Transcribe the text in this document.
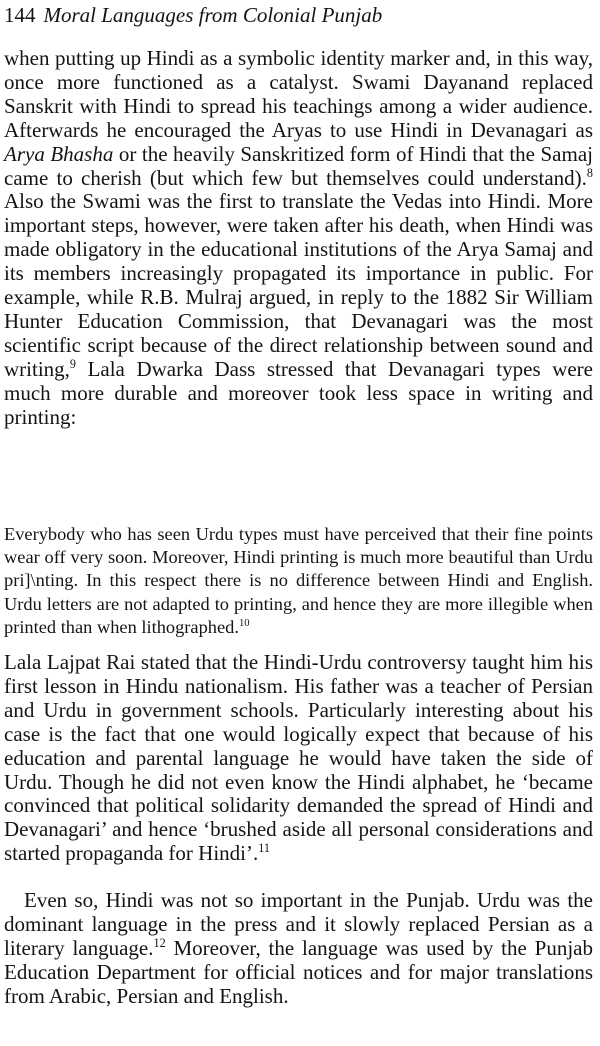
144 Moral Languages from Colonial Punjab

when putting up Hindi as a symbolic identity marker and, in this way, once more functioned as a catalyst. Swami Dayanand replaced Sanskrit with Hindi to spread his teachings among a wider audience. Afterwards he encouraged the Aryas to use Hindi in Devanagari as Arya Bhasha or the heavily Sanskritized form of Hindi that the Samaj came to cherish (but which few but themselves could understand).$^8$ Also the Swami was the first to translate the Vedas into Hindi. More important steps, however, were taken after his death, when Hindi was made obligatory in the educational institutions of the Arya Samaj and its members increasingly propagated its importance in public. For example, while R.B. Mulraj argued, in reply to the 1882 Sir William Hunter Education Commission, that Devanagari was the most scientific script because of the direct relationship between sound and writing,$^9$ Lala Dwarka Dass stressed that Devanagari types were much more durable and moreover took less space in writing and printing:

Everybody who has seen Urdu types must have perceived that their fine points wear off very soon. Moreover, Hindi printing is much more beautiful than Urdu pri]\nting. In this respect there is no difference between Hindi and English. Urdu letters are not adapted to printing, and hence they are more illegible when printed than when lithographed.$^{10}$

Lala Lajpat Rai stated that the Hindi-Urdu controversy taught him his first lesson in Hindu nationalism. His father was a teacher of Persian and Urdu in government schools. Particularly interesting about his case is the fact that one would logically expect that because of his education and parental language he would have taken the side of Urdu. Though he did not even know the Hindi alphabet, he ‘became convinced that political solidarity demanded the spread of Hindi and Devanagari’ and hence ‘brushed aside all personal considerations and started propaganda for Hindi’.$^{11}$

Even so, Hindi was not so important in the Punjab. Urdu was the dominant language in the press and it slowly replaced Persian as a literary language.$^{12}$ Moreover, the language was used by the Punjab Education Department for official notices and for major translations from Arabic, Persian and English.
